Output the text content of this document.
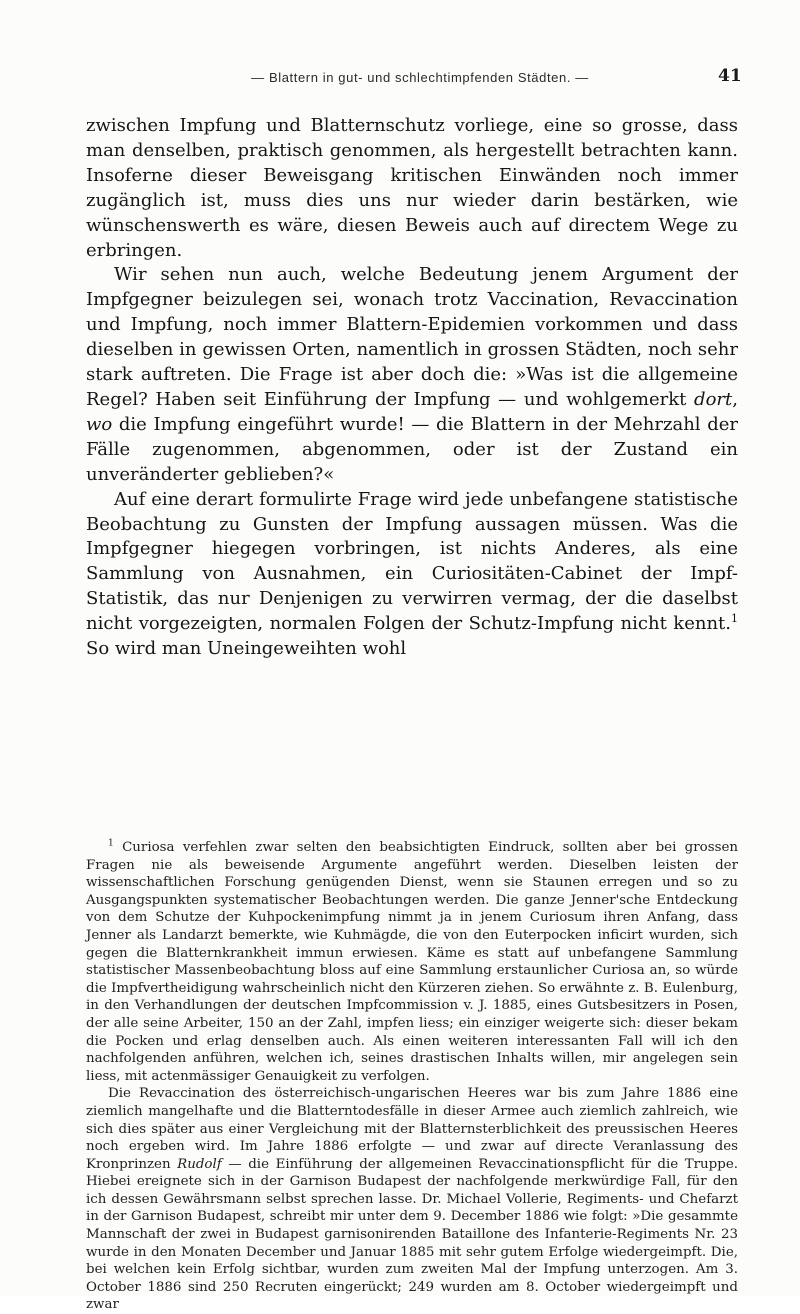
— Blattern in gut- und schlechtimpfenden Städten. —	41

zwischen Impfung und Blatternschutz vorliege, eine so grosse, dass man denselben, praktisch genommen, als hergestellt betrachten kann. Insoferne dieser Beweisgang kritischen Einwänden noch immer zugänglich ist, muss dies uns nur wieder darin bestärken, wie wünschenswerth es wäre, diesen Beweis auch auf directem Wege zu erbringen.

Wir sehen nun auch, welche Bedeutung jenem Argument der Impfgegner beizulegen sei, wonach trotz Vaccination, Revaccination und Impfung, noch immer Blattern-Epidemien vorkommen und dass dieselben in gewissen Orten, namentlich in grossen Städten, noch sehr stark auftreten. Die Frage ist aber doch die: »Was ist die allgemeine Regel? Haben seit Einführung der Impfung — und wohlgemerkt dort, wo die Impfung eingeführt wurde! — die Blattern in der Mehrzahl der Fälle zugenommen, abgenommen, oder ist der Zustand ein unveränderter geblieben?«

Auf eine derart formulirte Frage wird jede unbefangene statistische Beobachtung zu Gunsten der Impfung aussagen müssen. Was die Impfgegner hiegegen vorbringen, ist nichts Anderes, als eine Sammlung von Ausnahmen, ein Curiositäten-Cabinet der Impf-Statistik, das nur Denjenigen zu verwirren vermag, der die daselbst nicht vorgezeigten, normalen Folgen der Schutz-Impfung nicht kennt.$^1$ So wird man Uneingeweihten wohl

$^1$ Curiosa verfehlen zwar selten den beabsichtigten Eindruck, sollten aber bei grossen Fragen nie als beweisende Argumente angeführt werden. Dieselben leisten der wissenschaftlichen Forschung genügenden Dienst, wenn sie Staunen erregen und so zu Ausgangspunkten systematischer Beobachtungen werden. Die ganze Jenner'sche Entdeckung von dem Schutze der Kuhpockenimpfung nimmt ja in jenem Curiosum ihren Anfang, dass Jenner als Landarzt bemerkte, wie Kuhmägde, die von den Euterpocken inficirt wurden, sich gegen die Blatternkrankheit immun erwiesen. Käme es statt auf unbefangene Sammlung statistischer Massenbeobachtung bloss auf eine Sammlung erstaunlicher Curiosa an, so würde die Impfvertheidigung wahrscheinlich nicht den Kürzeren ziehen. So erwähnte z. B. Eulenburg, in den Verhandlungen der deutschen Impfcommission v. J. 1885, eines Gutsbesitzers in Posen, der alle seine Arbeiter, 150 an der Zahl, impfen liess; ein einziger weigerte sich: dieser bekam die Pocken und erlag denselben auch. Als einen weiteren interessanten Fall will ich den nachfolgenden anführen, welchen ich, seines drastischen Inhalts willen, mir angelegen sein liess, mit actenmässiger Genauigkeit zu verfolgen.

Die Revaccination des österreichisch-ungarischen Heeres war bis zum Jahre 1886 eine ziemlich mangelhafte und die Blatterntodesfälle in dieser Armee auch ziemlich zahlreich, wie sich dies später aus einer Vergleichung mit der Blatternsterblichkeit des preussischen Heeres noch ergeben wird. Im Jahre 1886 erfolgte — und zwar auf directe Veranlassung des Kronprinzen Rudolf — die Einführung der allgemeinen Revaccinationspflicht für die Truppe. Hiebei ereignete sich in der Garnison Budapest der nachfolgende merkwürdige Fall, für den ich dessen Gewährsmann selbst sprechen lasse. Dr. Michael Vollerie, Regiments- und Chefarzt in der Garnison Budapest, schreibt mir unter dem 9. December 1886 wie folgt: »Die gesammte Mannschaft der zwei in Budapest garnisonirenden Bataillone des Infanterie-Regiments Nr. 23 wurde in den Monaten December und Januar 1885 mit sehr gutem Erfolge wiedergeimpft. Die, bei welchen kein Erfolg sichtbar, wurden zum zweiten Mal der Impfung unterzogen. Am 3. October 1886 sind 250 Recruten eingerückt; 249 wurden am 8. October wiedergeimpft und zwar
